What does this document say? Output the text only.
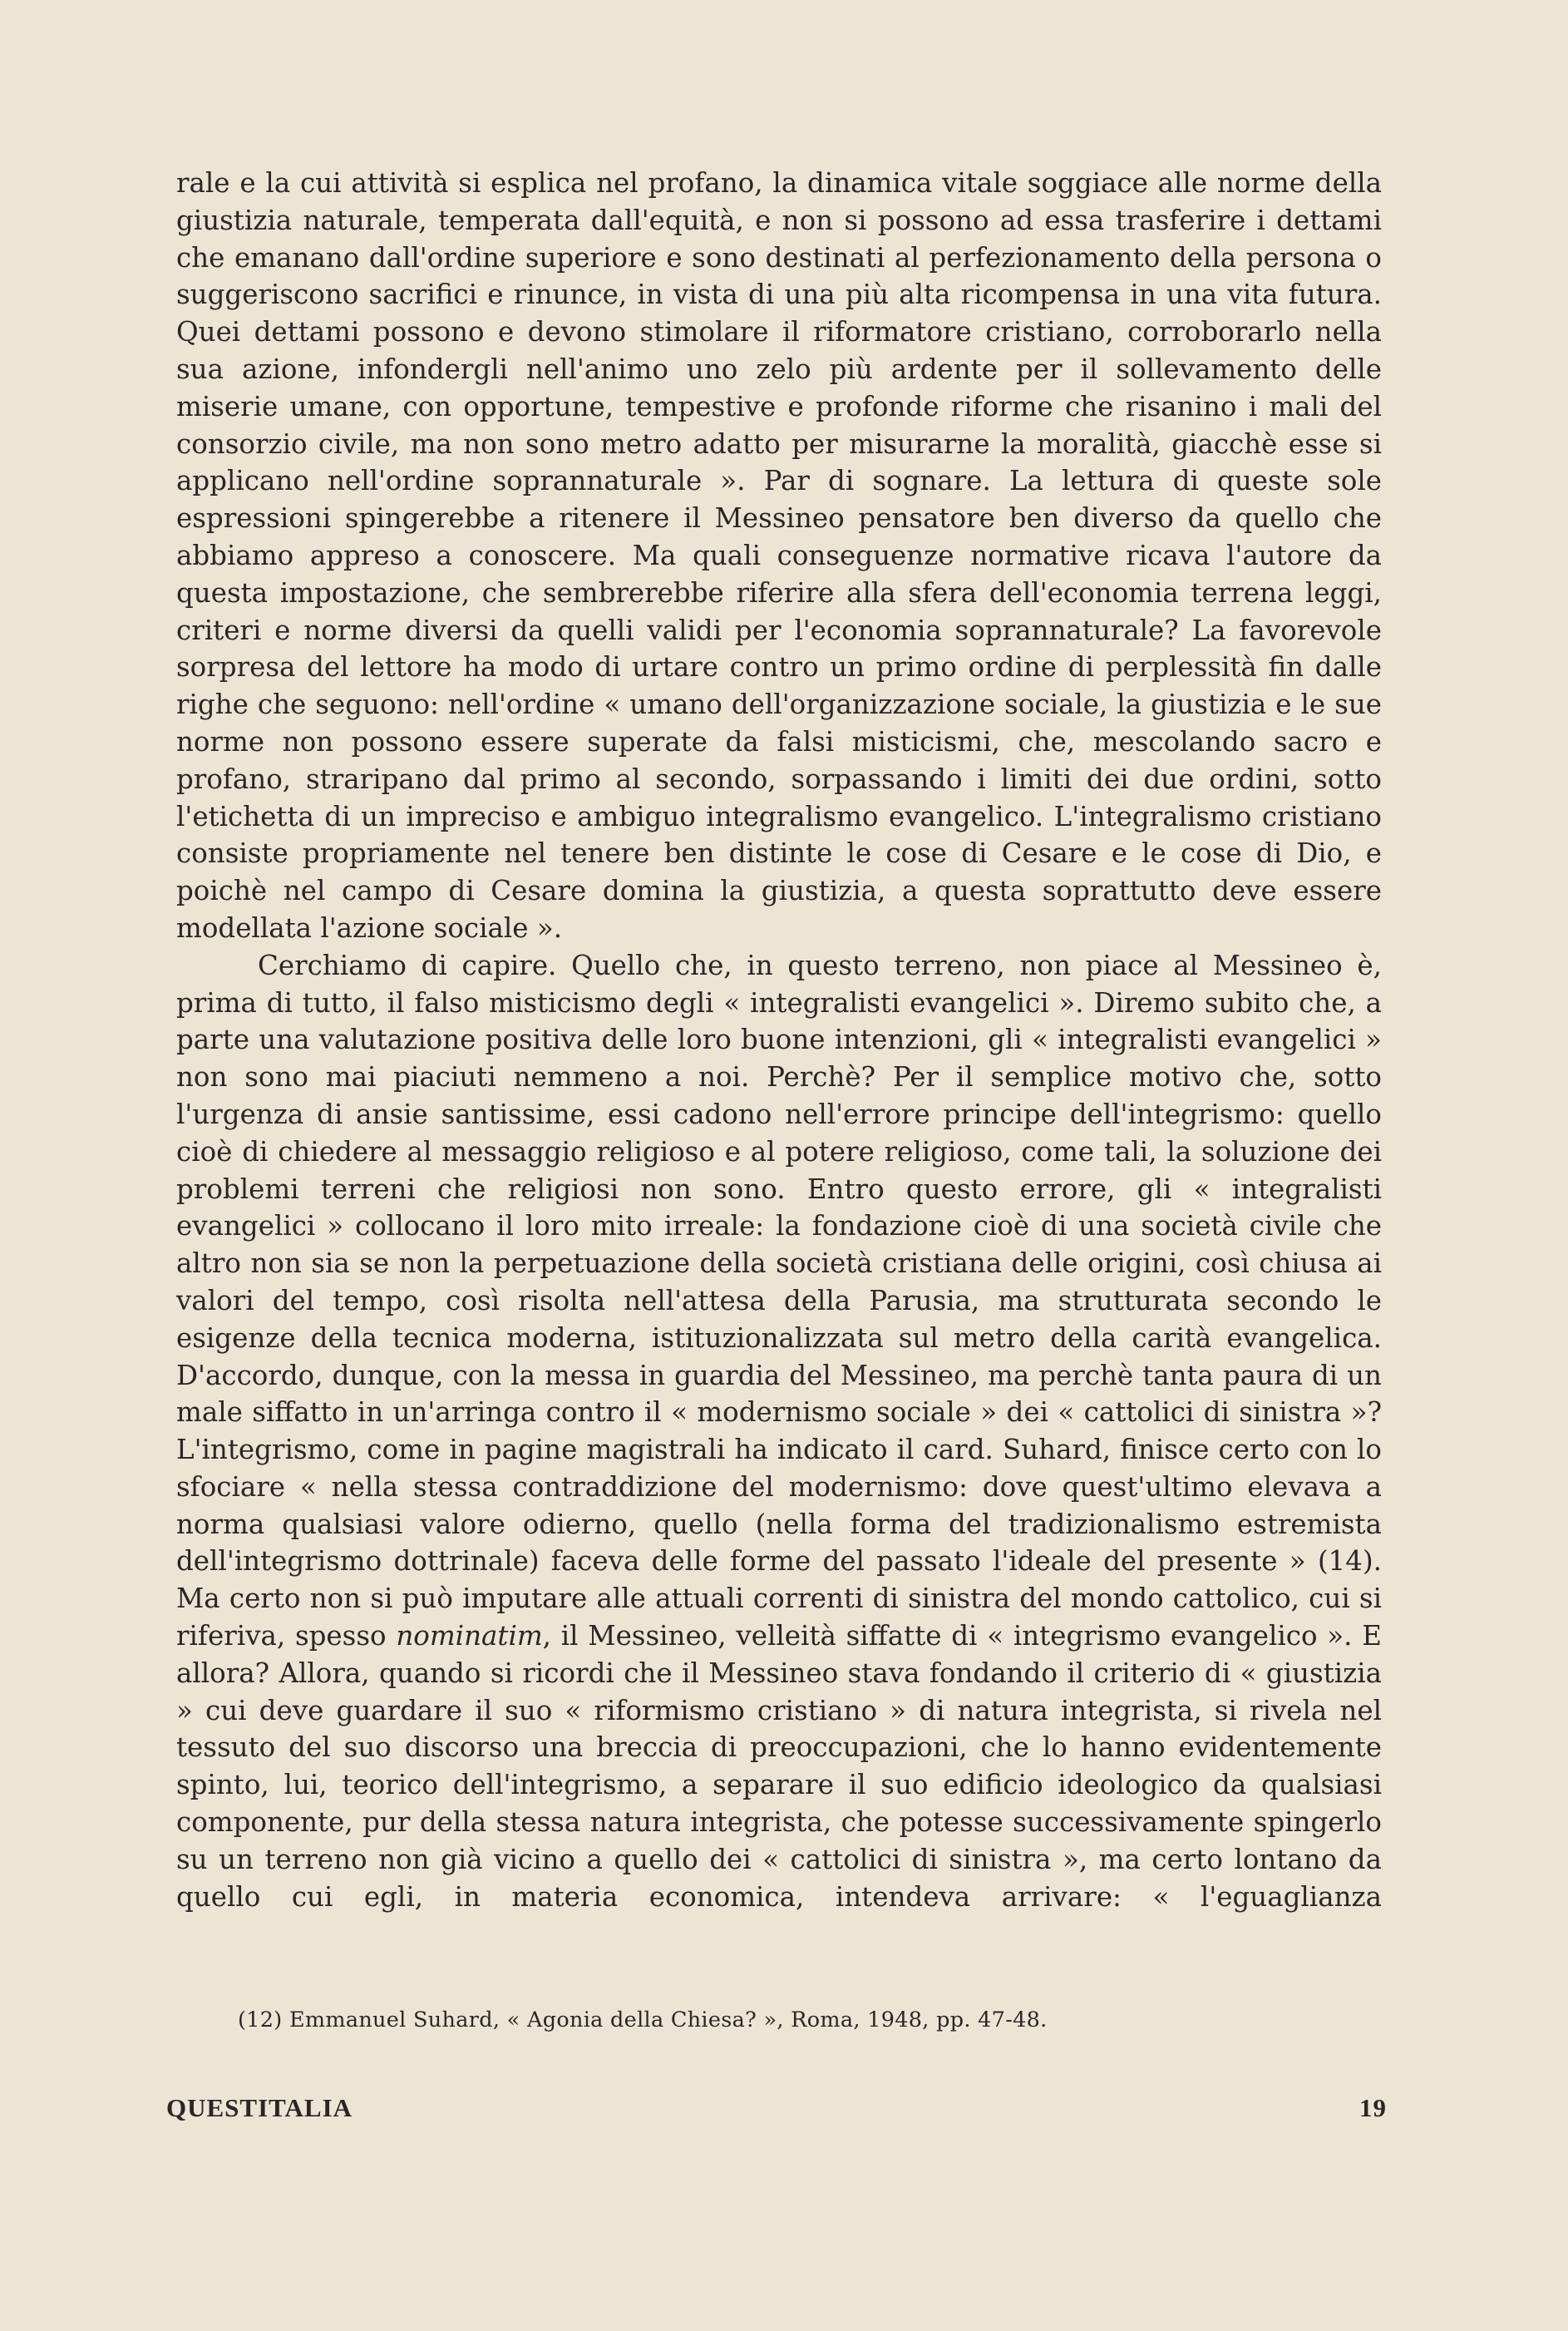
rale e la cui attività si esplica nel profano, la dinamica vitale soggiace alle norme della giustizia naturale, temperata dall'equità, e non si possono ad essa trasferire i dettami che emanano dall'ordine superiore e sono destinati al perfezionamento della persona o suggeriscono sacrifici e rinunce, in vista di una più alta ricompensa in una vita futura. Quei dettami possono e devono stimolare il riformatore cristiano, corroborarlo nella sua azione, infondergli nell'animo uno zelo più ardente per il sollevamento delle miserie umane, con opportune, tempestive e profonde riforme che risanino i mali del consorzio civile, ma non sono metro adatto per misurarne la moralità, giacchè esse si applicano nell'ordine soprannaturale ». Par di sognare. La lettura di queste sole espressioni spingerebbe a ritenere il Messineo pensatore ben diverso da quello che abbiamo appreso a conoscere. Ma quali conseguenze normative ricava l'autore da questa impostazione, che sembrerebbe riferire alla sfera dell'economia terrena leggi, criteri e norme diversi da quelli validi per l'economia soprannaturale? La favorevole sorpresa del lettore ha modo di urtare contro un primo ordine di perplessità fin dalle righe che seguono: nell'ordine « umano dell'organizzazione sociale, la giustizia e le sue norme non possono essere superate da falsi misticismi, che, mescolando sacro e profano, straripano dal primo al secondo, sorpassando i limiti dei due ordini, sotto l'etichetta di un impreciso e ambiguo integralismo evangelico. L'integralismo cristiano consiste propriamente nel tenere ben distinte le cose di Cesare e le cose di Dio, e poichè nel campo di Cesare domina la giustizia, a questa soprattutto deve essere modellata l'azione sociale ».

Cerchiamo di capire. Quello che, in questo terreno, non piace al Messineo è, prima di tutto, il falso misticismo degli « integralisti evangelici ». Diremo subito che, a parte una valutazione positiva delle loro buone intenzioni, gli « integralisti evangelici » non sono mai piaciuti nemmeno a noi. Perchè? Per il semplice motivo che, sotto l'urgenza di ansie santissime, essi cadono nell'errore principe dell'integrismo: quello cioè di chiedere al messaggio religioso e al potere religioso, come tali, la soluzione dei problemi terreni che religiosi non sono. Entro questo errore, gli « integralisti evangelici » collocano il loro mito irreale: la fondazione cioè di una società civile che altro non sia se non la perpetuazione della società cristiana delle origini, così chiusa ai valori del tempo, così risolta nell'attesa della Parusia, ma strutturata secondo le esigenze della tecnica moderna, istituzionalizzata sul metro della carità evangelica. D'accordo, dunque, con la messa in guardia del Messineo, ma perchè tanta paura di un male siffatto in un'arringa contro il « modernismo sociale » dei « cattolici di sinistra »? L'integrismo, come in pagine magistrali ha indicato il card. Suhard, finisce certo con lo sfociare « nella stessa contraddizione del modernismo: dove quest'ultimo elevava a norma qualsiasi valore odierno, quello (nella forma del tradizionalismo estremista dell'integrismo dottrinale) faceva delle forme del passato l'ideale del presente » (14). Ma certo non si può imputare alle attuali correnti di sinistra del mondo cattolico, cui si riferiva, spesso nominatim, il Messineo, velleità siffatte di « integrismo evangelico ». E allora? Allora, quando si ricordi che il Messineo stava fondando il criterio di « giustizia » cui deve guardare il suo « riformismo cristiano » di natura integrista, si rivela nel tessuto del suo discorso una breccia di preoccupazioni, che lo hanno evidentemente spinto, lui, teorico dell'integrismo, a separare il suo edificio ideologico da qualsiasi componente, pur della stessa natura integrista, che potesse successivamente spingerlo su un terreno non già vicino a quello dei « cattolici di sinistra », ma certo lontano da quello cui egli, in materia economica, intendeva arrivare: « l'eguaglianza

(12) Emmanuel Suhard, « Agonia della Chiesa? », Roma, 1948, pp. 47-48.
QUESTITALIA	19
